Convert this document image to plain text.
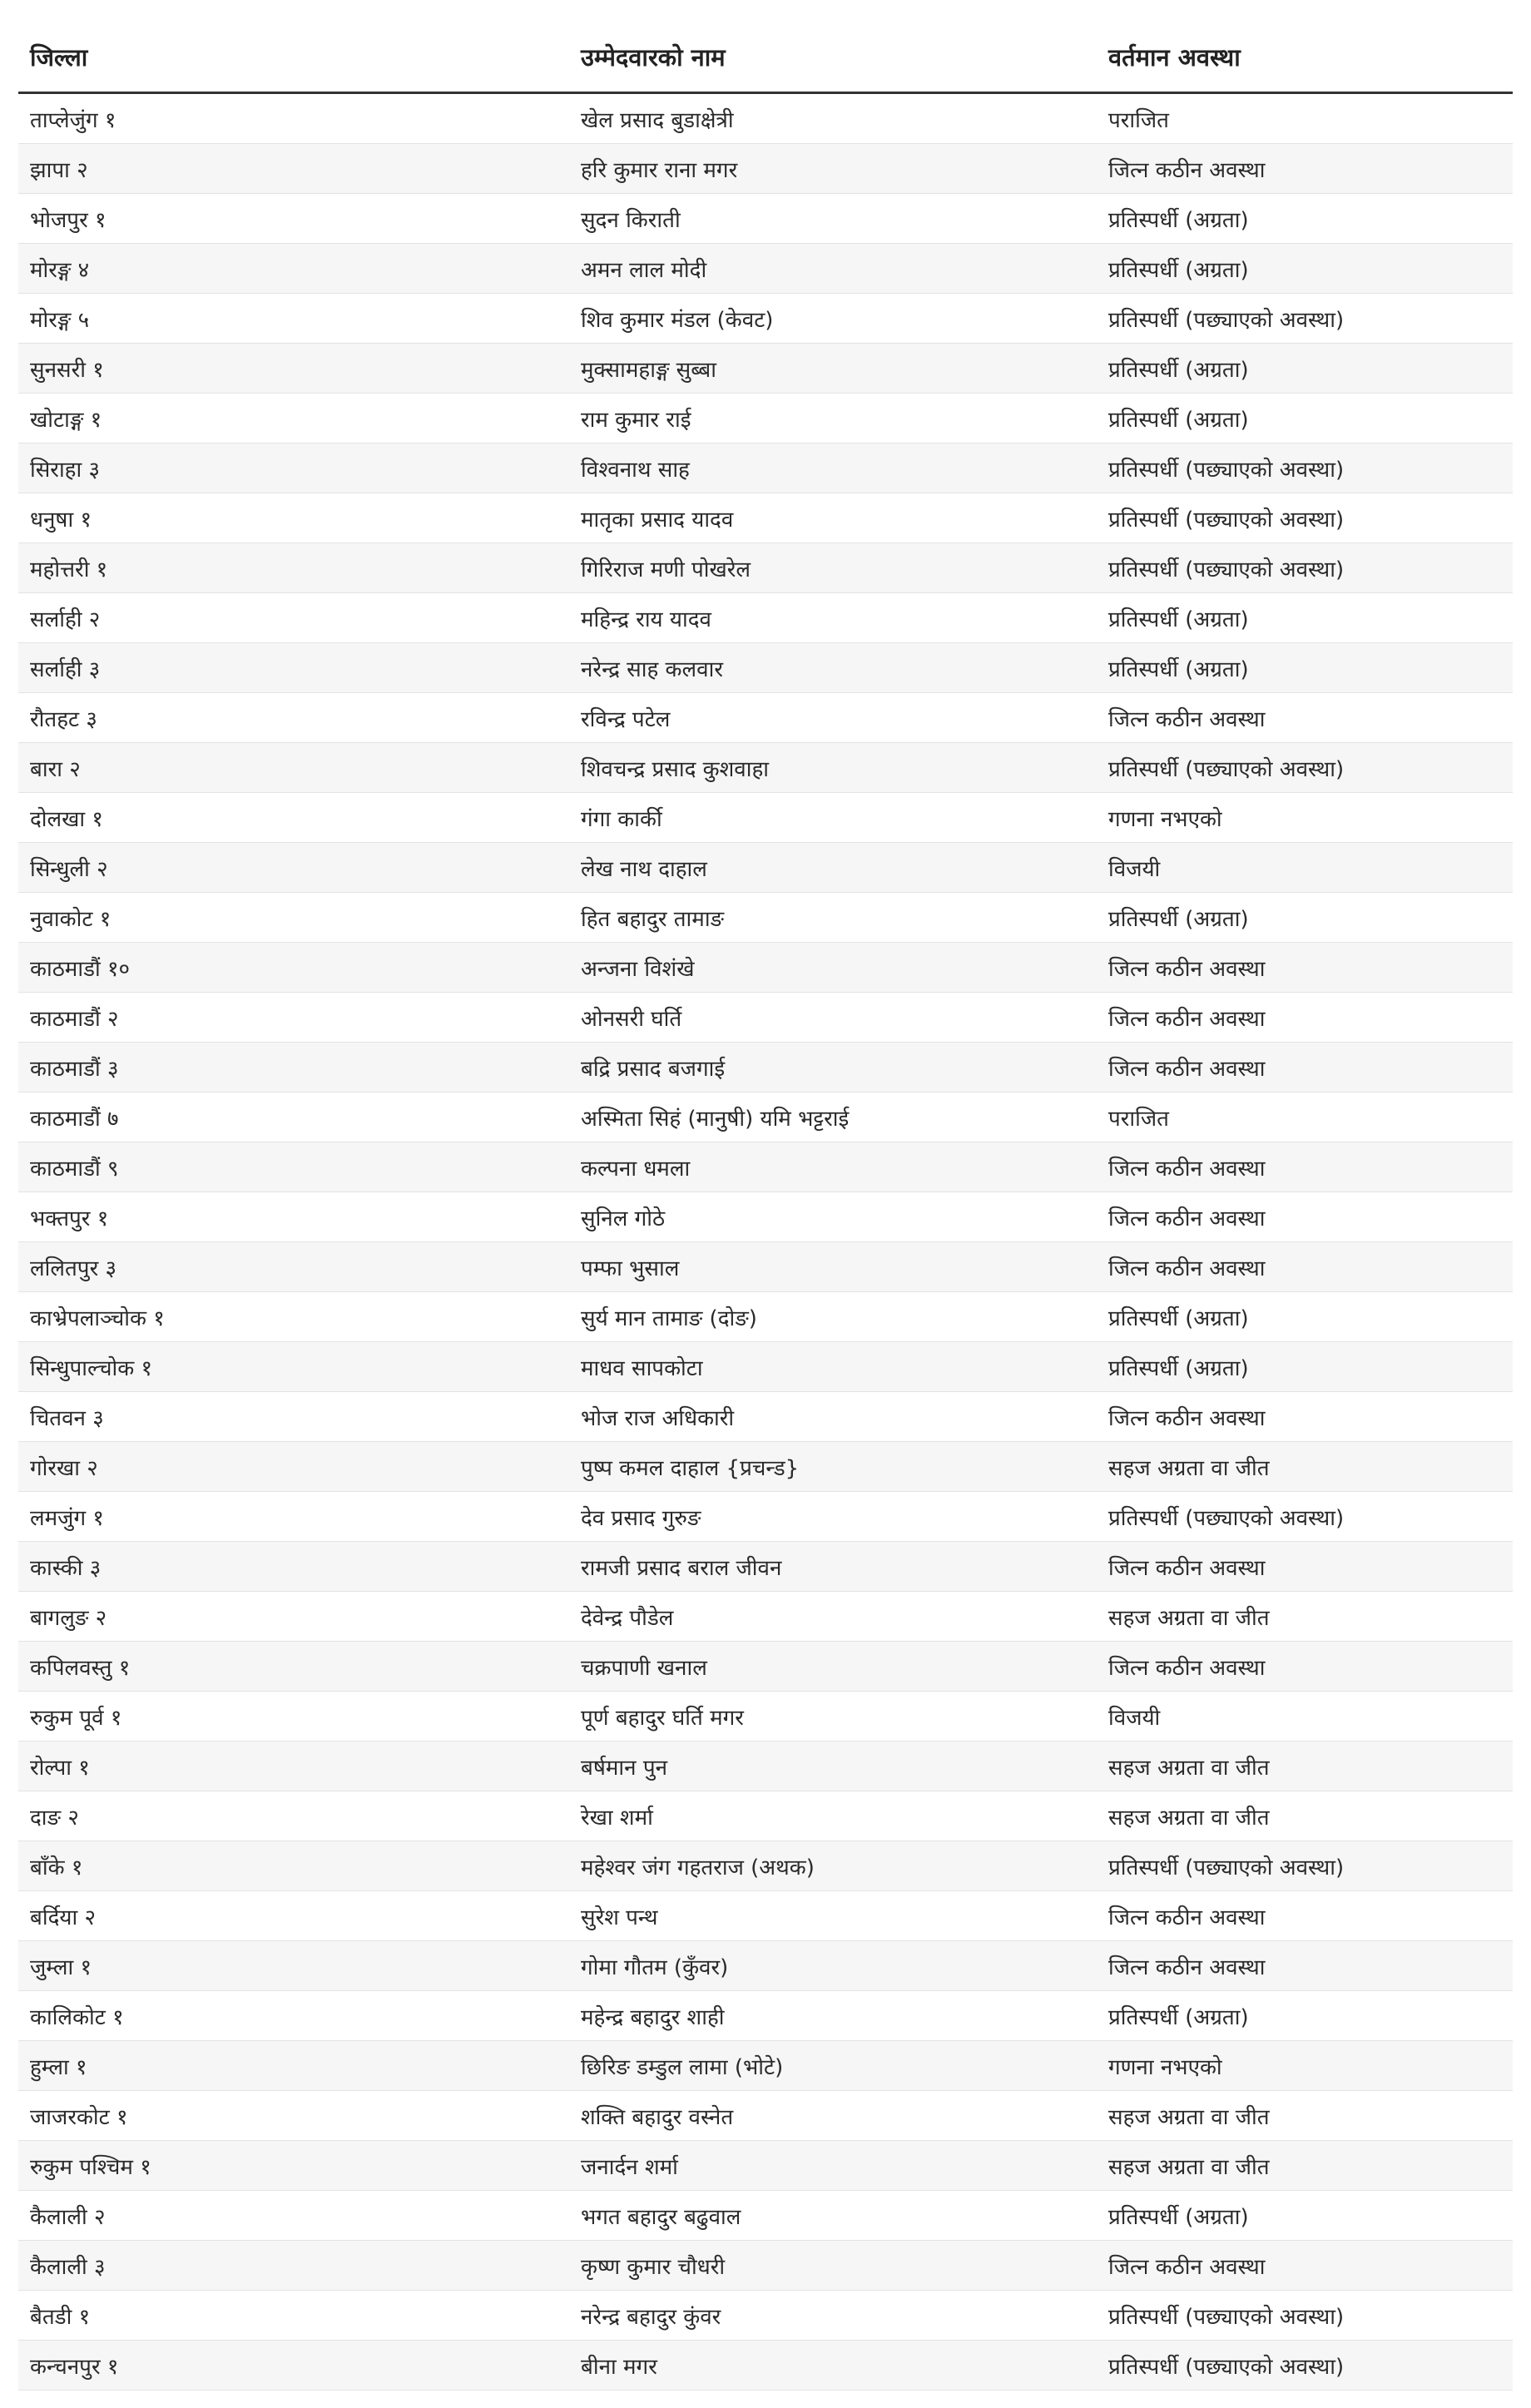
जिल्ला	उम्मेदवारको नाम	वर्तमान अवस्था
ताप्लेजुंग १	खेल प्रसाद बुडाक्षेत्री	पराजित
झापा २	हरि कुमार राना मगर	जित्न कठीन अवस्था
भोजपुर १	सुदन किराती	प्रतिस्पर्धी (अग्रता)
मोरङ्ग ४	अमन लाल मोदी	प्रतिस्पर्धी (अग्रता)
मोरङ्ग ५	शिव कुमार मंडल (केवट)	प्रतिस्पर्धी (पछ्याएको अवस्था)
सुनसरी १	मुक्सामहाङ्ग सुब्बा	प्रतिस्पर्धी (अग्रता)
खोटाङ्ग १	राम कुमार राई	प्रतिस्पर्धी (अग्रता)
सिराहा ३	विश्वनाथ साह	प्रतिस्पर्धी (पछ्याएको अवस्था)
धनुषा १	मातृका प्रसाद यादव	प्रतिस्पर्धी (पछ्याएको अवस्था)
महोत्तरी १	गिरिराज मणी पोखरेल	प्रतिस्पर्धी (पछ्याएको अवस्था)
सर्लाही २	महिन्द्र राय यादव	प्रतिस्पर्धी (अग्रता)
सर्लाही ३	नरेन्द्र साह कलवार	प्रतिस्पर्धी (अग्रता)
रौतहट ३	रविन्द्र पटेल	जित्न कठीन अवस्था
बारा २	शिवचन्द्र प्रसाद कुशवाहा	प्रतिस्पर्धी (पछ्याएको अवस्था)
दोलखा १	गंगा कार्की	गणना नभएको
सिन्धुली २	लेख नाथ दाहाल	विजयी
नुवाकोट १	हित बहादुर तामाङ	प्रतिस्पर्धी (अग्रता)
काठमाडौं १०	अन्जना विशंखे	जित्न कठीन अवस्था
काठमाडौं २	ओनसरी घर्ति	जित्न कठीन अवस्था
काठमाडौं ३	बद्रि प्रसाद बजगाई	जित्न कठीन अवस्था
काठमाडौं ७	अस्मिता सिहं (मानुषी) यमि भट्टराई	पराजित
काठमाडौं ९	कल्पना धमला	जित्न कठीन अवस्था
भक्तपुर १	सुनिल गोठे	जित्न कठीन अवस्था
ललितपुर ३	पम्फा भुसाल	जित्न कठीन अवस्था
काभ्रेपलाञ्चोक १	सुर्य मान तामाङ (दोङ)	प्रतिस्पर्धी (अग्रता)
सिन्धुपाल्चोक १	माधव सापकोटा	प्रतिस्पर्धी (अग्रता)
चितवन ३	भोज राज अधिकारी	जित्न कठीन अवस्था
गोरखा २	पुष्प कमल दाहाल {प्रचन्ड}	सहज अग्रता वा जीत
लमजुंग १	देव प्रसाद गुरुङ	प्रतिस्पर्धी (पछ्याएको अवस्था)
कास्की ३	रामजी प्रसाद बराल जीवन	जित्न कठीन अवस्था
बागलुङ २	देवेन्द्र पौडेल	सहज अग्रता वा जीत
कपिलवस्तु १	चक्रपाणी खनाल	जित्न कठीन अवस्था
रुकुम पूर्व १	पूर्ण बहादुर घर्ति मगर	विजयी
रोल्पा १	बर्षमान पुन	सहज अग्रता वा जीत
दाङ २	रेखा शर्मा	सहज अग्रता वा जीत
बाँके १	महेश्वर जंग गहतराज (अथक)	प्रतिस्पर्धी (पछ्याएको अवस्था)
बर्दिया २	सुरेश पन्थ	जित्न कठीन अवस्था
जुम्ला १	गोमा गौतम (कुँवर)	जित्न कठीन अवस्था
कालिकोट १	महेन्द्र बहादुर शाही	प्रतिस्पर्धी (अग्रता)
हुम्ला १	छिरिङ डम्डुल लामा (भोटे)	गणना नभएको
जाजरकोट १	शक्ति बहादुर वस्नेत	सहज अग्रता वा जीत
रुकुम पश्चिम १	जनार्दन शर्मा	सहज अग्रता वा जीत
कैलाली २	भगत बहादुर बढुवाल	प्रतिस्पर्धी (अग्रता)
कैलाली ३	कृष्ण कुमार चौधरी	जित्न कठीन अवस्था
बैतडी १	नरेन्द्र बहादुर कुंवर	प्रतिस्पर्धी (पछ्याएको अवस्था)
कन्चनपुर १	बीना मगर	प्रतिस्पर्धी (पछ्याएको अवस्था)
